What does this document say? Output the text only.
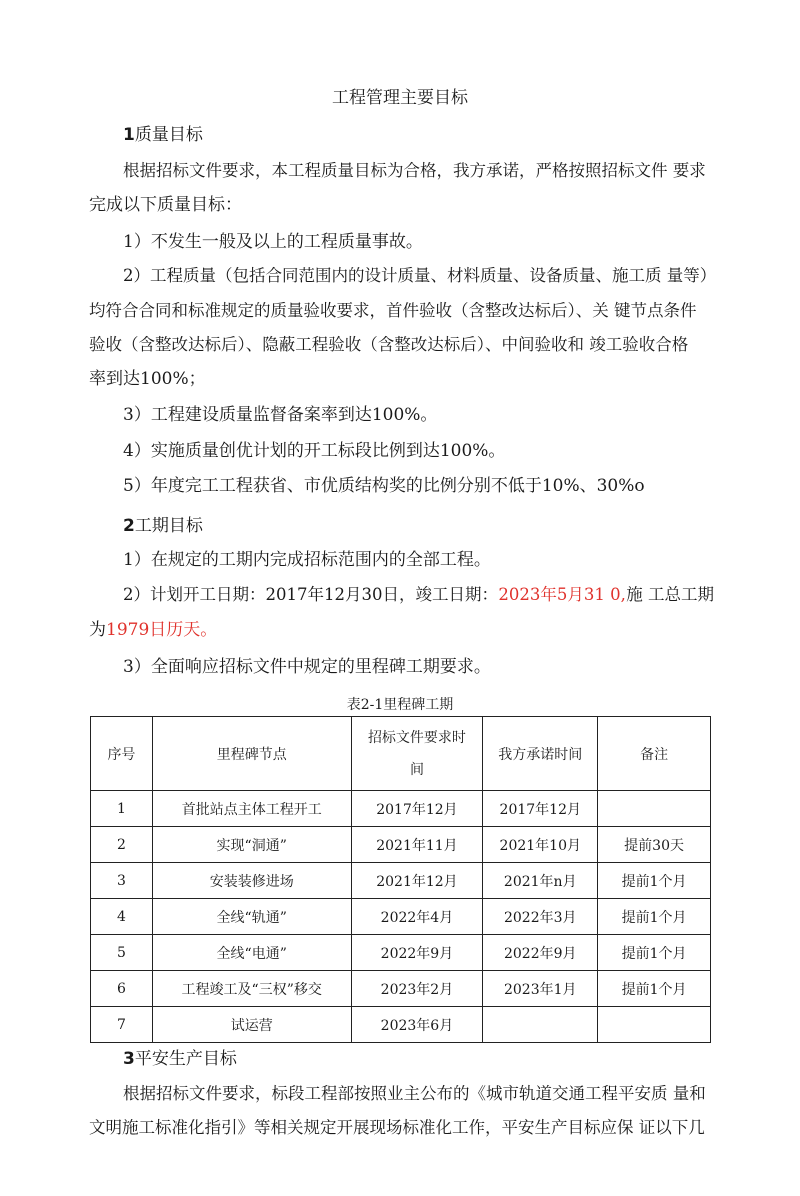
工程管理主要目标
1质量目标
根据招标文件要求，本工程质量目标为合格，我方承诺，严格按照招标文件 要求
完成以下质量目标：
1）不发生一般及以上的工程质量事故。
2）工程质量（包括合同范围内的设计质量、材料质量、设备质量、施工质 量等）
均符合合同和标准规定的质量验收要求，首件验收（含整改达标后）、关 键节点条件
验收（含整改达标后）、隐蔽工程验收（含整改达标后）、中间验收和 竣工验收合格
率到达100%；
3）工程建设质量监督备案率到达100%。
4）实施质量创优计划的开工标段比例到达100%。
5）年度完工工程获省、市优质结构奖的比例分别不低于10%、30%o
2工期目标
1）在规定的工期内完成招标范围内的全部工程。
2）计划开工日期：2017年12月30日，竣工日期： 2023年5月31 0, 施 工总工期
为1979日历天。
3）全面响应招标文件中规定的里程碑工期要求。
表2-1里程碑工期
序号	里程碑节点	招标文件要求时
间	我方承诺时间	备注
1	首批站点主体工程开工	2017年12月	2017年12月	
2	实现“洞通”	2021年11月	2021年10月	提前30天
3	安装装修进场	2021年12月	2021年n月	提前1个月
4	全线“轨通”	2022年4月	2022年3月	提前1个月
5	全线“电通”	2022年9月	2022年9月	提前1个月
6	工程竣工及“三权”移交	2023年2月	2023年1月	提前1个月
7	试运营	2023年6月		
3平安生产目标
根据招标文件要求，标段工程部按照业主公布的《城市轨道交通工程平安质 量和
文明施工标准化指引》等相关规定开展现场标准化工作，平安生产目标应保 证以下几
